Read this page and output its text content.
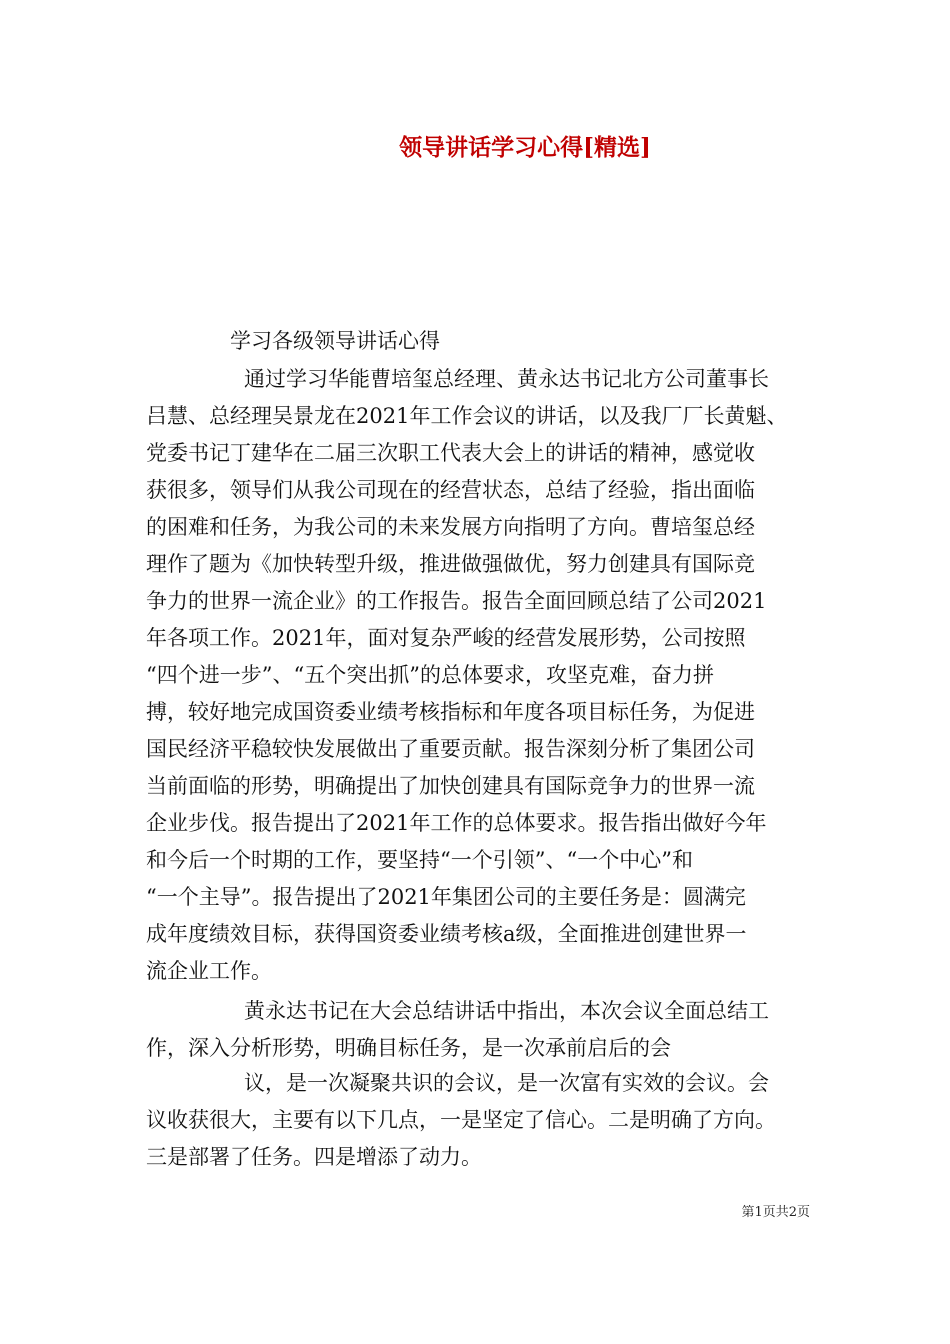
领导讲话学习心得[精选]
学习各级领导讲话心得
通过学习华能曹培玺总经理、黄永达书记北方公司董事长
吕慧、总经理吴景龙在2021年工作会议的讲话，以及我厂厂长黄魁、
党委书记丁建华在二届三次职工代表大会上的讲话的精神，感觉收
获很多，领导们从我公司现在的经营状态，总结了经验，指出面临
的困难和任务，为我公司的未来发展方向指明了方向。曹培玺总经
理作了题为《加快转型升级，推进做强做优，努力创建具有国际竞
争力的世界一流企业》的工作报告。报告全面回顾总结了公司2021
年各项工作。2021年，面对复杂严峻的经营发展形势，公司按照
“四个进一步”、“五个突出抓”的总体要求，攻坚克难，奋力拼
搏，较好地完成国资委业绩考核指标和年度各项目标任务，为促进
国民经济平稳较快发展做出了重要贡献。报告深刻分析了集团公司
当前面临的形势，明确提出了加快创建具有国际竞争力的世界一流
企业步伐。报告提出了2021年工作的总体要求。报告指出做好今年
和今后一个时期的工作，要坚持“一个引领”、“一个中心”和
“一个主导”。报告提出了2021年集团公司的主要任务是：圆满完
成年度绩效目标，获得国资委业绩考核a级，全面推进创建世界一
流企业工作。
黄永达书记在大会总结讲话中指出，本次会议全面总结工
作，深入分析形势，明确目标任务，是一次承前启后的会
议，是一次凝聚共识的会议，是一次富有实效的会议。会
议收获很大，主要有以下几点，一是坚定了信心。二是明确了方向。
三是部署了任务。四是增添了动力。
第1页共2页
